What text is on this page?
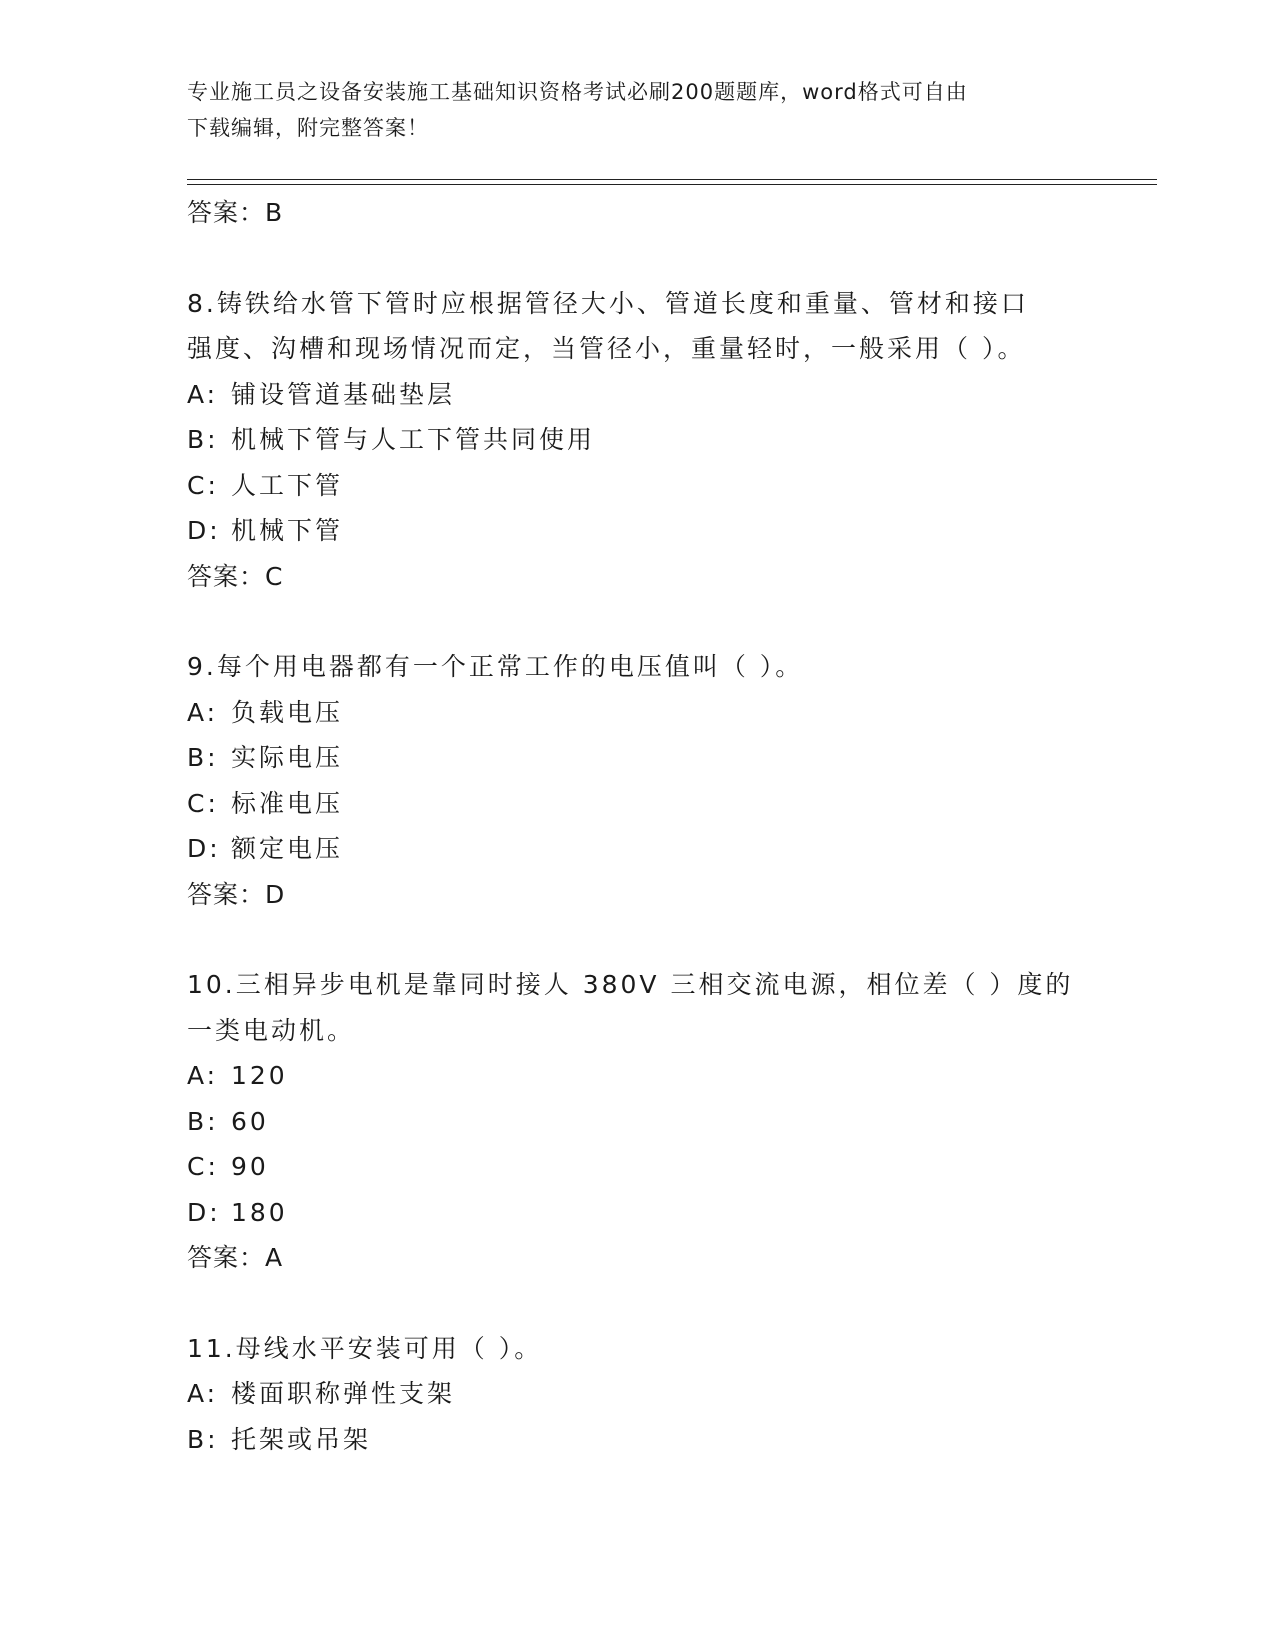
专业施工员之设备安装施工基础知识资格考试必刷200题题库，word格式可自由
下载编辑，附完整答案！
答案：B
8.铸铁给水管下管时应根据管径大小、管道长度和重量、管材和接口
强度、沟槽和现场情况而定，当管径小，重量轻时，一般采用（ ）。
A: 铺设管道基础垫层
B: 机械下管与人工下管共同使用
C: 人工下管
D: 机械下管
答案：C
9.每个用电器都有一个正常工作的电压值叫（ ）。
A: 负载电压
B: 实际电压
C: 标准电压
D: 额定电压
答案：D
10.三相异步电机是靠同时接人 380V 三相交流电源，相位差（ ）度的
一类电动机。
A: 120
B: 60
C: 90
D: 180
答案：A
11.母线水平安装可用（ ）。
A: 楼面职称弹性支架
B: 托架或吊架
